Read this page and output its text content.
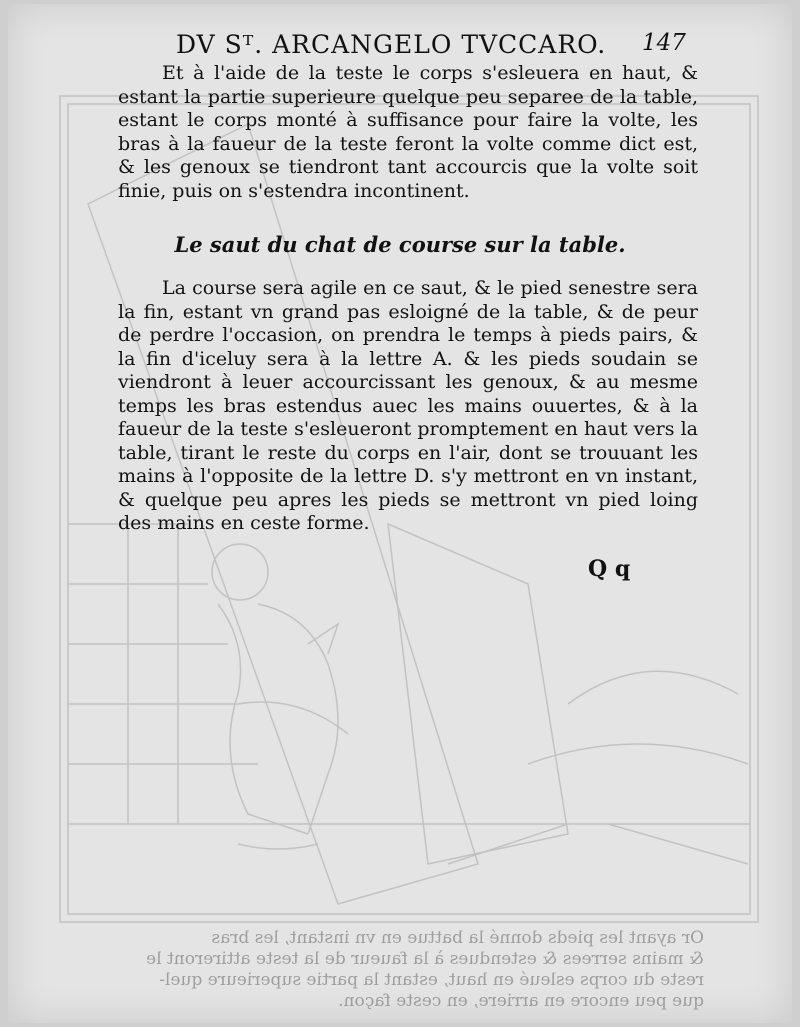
DV Sᵀ. ARCANGELO TVCCARO. 147

Et à l'aide de la teste le corps s'esleuera en haut, & estant la partie superieure quelque peu separee de la table, estant le corps monté à suffisance pour faire la volte, les bras à la faueur de la teste feront la volte comme dict est, & les genoux se tiendront tant accourcis que la volte soit finie, puis on s'estendra incontinent.

Le saut du chat de course sur la table.

La course sera agile en ce saut, & le pied senestre sera la fin, estant vn grand pas esloigné de la table, & de peur de perdre l'occasion, on prendra le temps à pieds pairs, & la fin d'iceluy sera à la lettre A. & les pieds soudain se viendront à leuer accourcissant les genoux, & au mesme temps les bras estendus auec les mains ouuertes, & à la faueur de la teste s'esleueront promptement en haut vers la table, tirant le reste du corps en l'air, dont se trouuant les mains à l'opposite de la lettre D. s'y mettront en vn instant, & quelque peu apres les pieds se mettront vn pied loing des mains en ceste forme.

Q q
Or ayant les pieds donné la battue en vn instant, les bras
& mains serrees & estendues à la faueur de la teste attireront le
reste du corps esleué en haut, estant la partie superieure quel-
que peu encore en arriere, en ceste façon.
